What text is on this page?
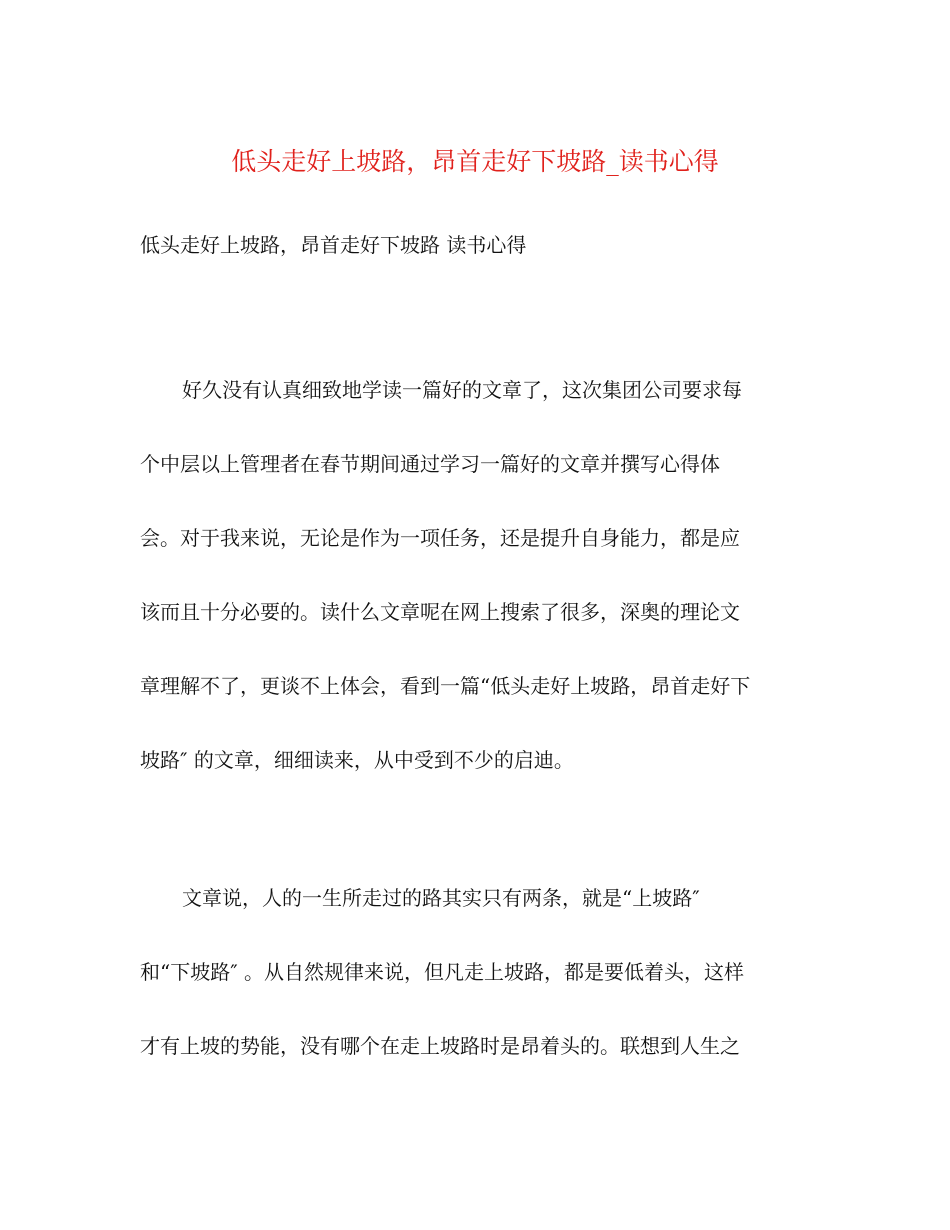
低头走好上坡路，昂首走好下坡路_读书心得
低头走好上坡路，昂首走好下坡路 读书心得
好久没有认真细致地学读一篇好的文章了，这次集团公司要求每
个中层以上管理者在春节期间通过学习一篇好的文章并撰写心得体
会。对于我来说，无论是作为一项任务，还是提升自身能力，都是应
该而且十分必要的。读什么文章呢在网上搜索了很多，深奥的理论文
章理解不了，更谈不上体会，看到一篇“低头走好上坡路，昂首走好下
坡路″ 的文章，细细读来，从中受到不少的启迪。
文章说，人的一生所走过的路其实只有两条，就是“上坡路″
和“下坡路″ 。从自然规律来说，但凡走上坡路，都是要低着头，这样
才有上坡的势能，没有哪个在走上坡路时是昂着头的。联想到人生之
